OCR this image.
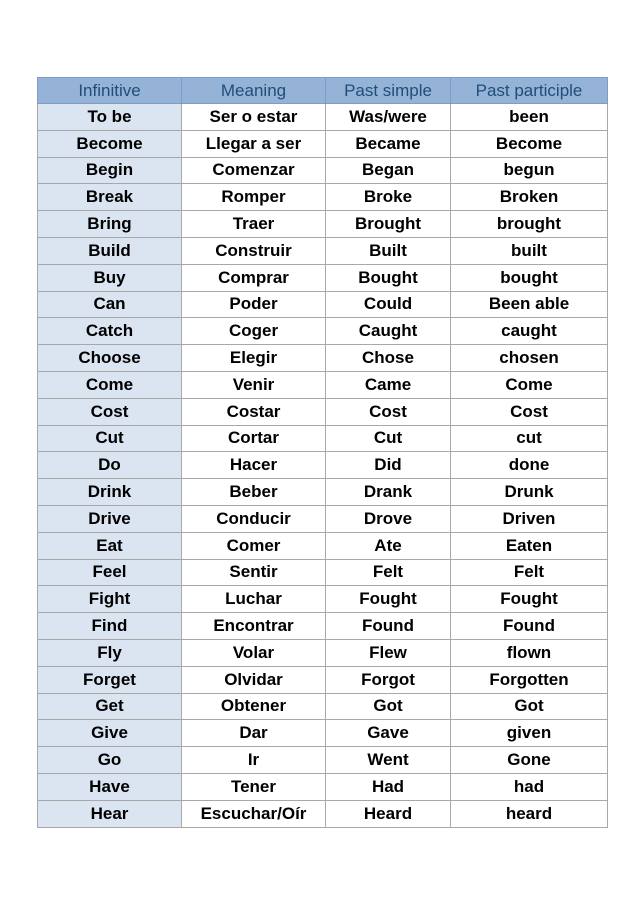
Infinitive	Meaning	Past simple	Past participle
To be	Ser o estar	Was/were	been
Become	Llegar a ser	Became	Become
Begin	Comenzar	Began	begun
Break	Romper	Broke	Broken
Bring	Traer	Brought	brought
Build	Construir	Built	built
Buy	Comprar	Bought	bought
Can	Poder	Could	Been able
Catch	Coger	Caught	caught
Choose	Elegir	Chose	chosen
Come	Venir	Came	Come
Cost	Costar	Cost	Cost
Cut	Cortar	Cut	cut
Do	Hacer	Did	done
Drink	Beber	Drank	Drunk
Drive	Conducir	Drove	Driven
Eat	Comer	Ate	Eaten
Feel	Sentir	Felt	Felt
Fight	Luchar	Fought	Fought
Find	Encontrar	Found	Found
Fly	Volar	Flew	flown
Forget	Olvidar	Forgot	Forgotten
Get	Obtener	Got	Got
Give	Dar	Gave	given
Go	Ir	Went	Gone
Have	Tener	Had	had
Hear	Escuchar/Oír	Heard	heard
